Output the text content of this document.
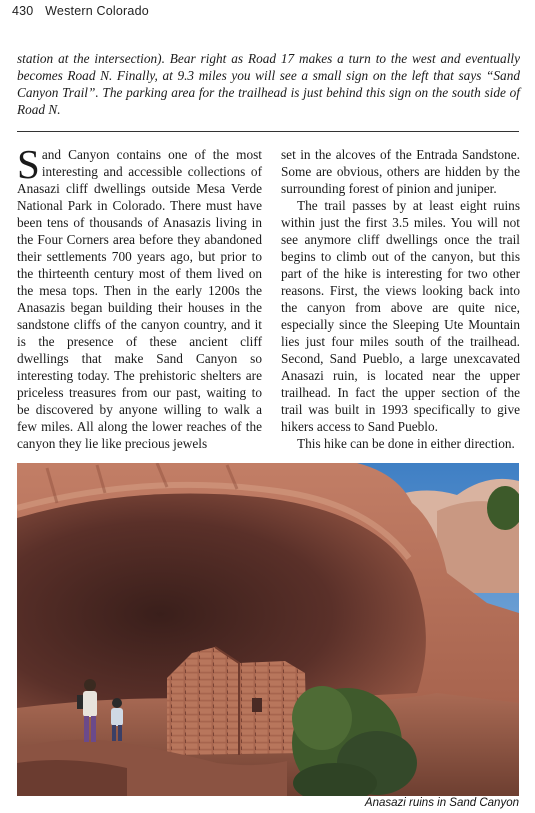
430 Western Colorado

station at the intersection). Bear right as Road 17 makes a turn to the west and eventually becomes Road N. Finally, at 9.3 miles you will see a small sign on the left that says “Sand Canyon Trail”. The parking area for the trailhead is just behind this sign on the south side of Road N.

Sand Canyon contains one of the most interesting and accessible collections of Anasazi cliff dwellings outside Mesa Verde National Park in Colorado. There must have been tens of thousands of Anasazis living in the Four Corners area before they abandoned their settlements 700 years ago, but prior to the thirteenth century most of them lived on the mesa tops. Then in the early 1200s the Anasazis began building their houses in the sandstone cliffs of the canyon country, and it is the presence of these ancient cliff dwellings that make Sand Canyon so interesting today. The prehistoric shelters are priceless treasures from our past, waiting to be discovered by anyone willing to walk a few miles. All along the lower reaches of the canyon they lie like precious jewels

set in the alcoves of the Entrada Sandstone. Some are obvious, others are hidden by the surrounding forest of pinion and juniper.

The trail passes by at least eight ruins within just the first 3.5 miles. You will not see anymore cliff dwellings once the trail begins to climb out of the canyon, but this part of the hike is interesting for two other reasons. First, the views looking back into the canyon from above are quite nice, especially since the Sleeping Ute Mountain lies just four miles south of the trailhead. Second, Sand Pueblo, a large unexcavated Anasazi ruin, is located near the upper trailhead. In fact the upper section of the trail was built in 1993 specifically to give hikers access to Sand Pueblo.

This hike can be done in either direction.

Anasazi ruins in Sand Canyon
